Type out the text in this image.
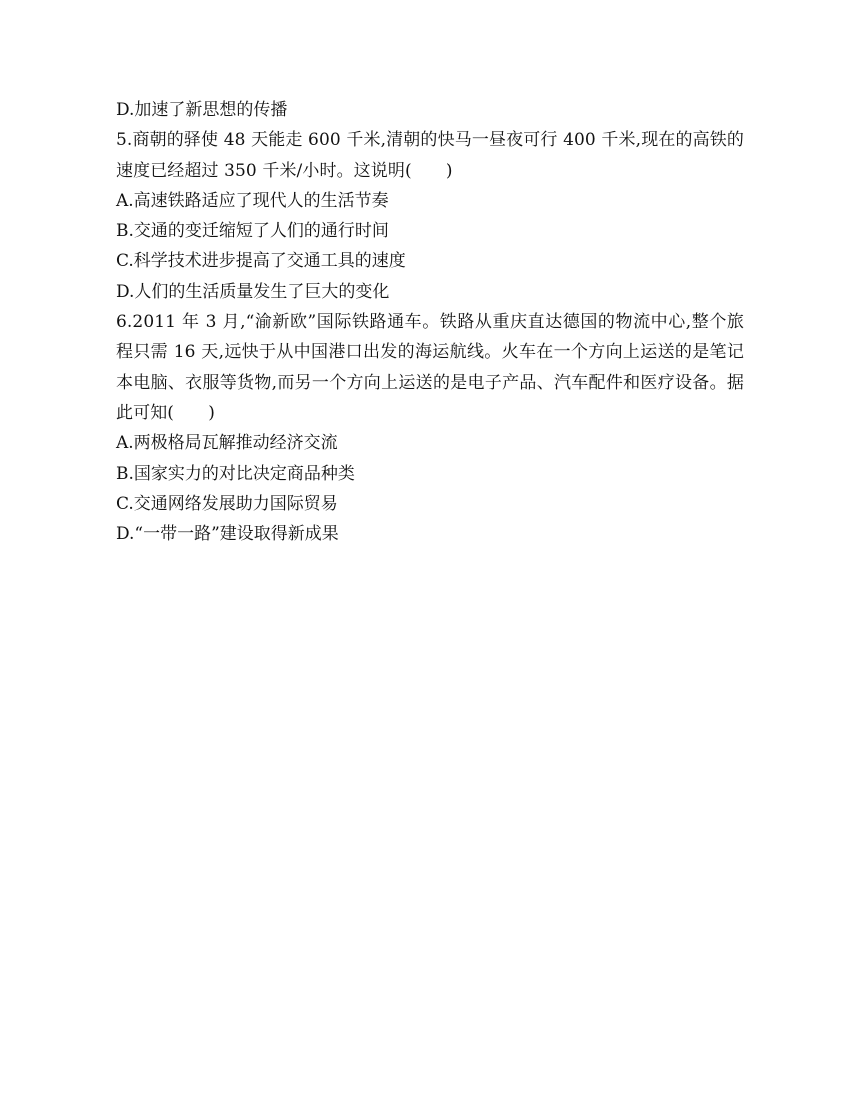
D.加速了新思想的传播

5.商朝的驿使 48 天能走 600 千米,清朝的快马一昼夜可行 400 千米,现在的高铁的速度已经超过 350 千米/小时。这说明(　　)

A.高速铁路适应了现代人的生活节奏

B.交通的变迁缩短了人们的通行时间

C.科学技术进步提高了交通工具的速度

D.人们的生活质量发生了巨大的变化

6.2011 年 3 月,“渝新欧”国际铁路通车。铁路从重庆直达德国的物流中心,整个旅程只需 16 天,远快于从中国港口出发的海运航线。火车在一个方向上运送的是笔记本电脑、衣服等货物,而另一个方向上运送的是电子产品、汽车配件和医疗设备。据此可知(　　)

A.两极格局瓦解推动经济交流

B.国家实力的对比决定商品种类

C.交通网络发展助力国际贸易

D.“一带一路”建设取得新成果
